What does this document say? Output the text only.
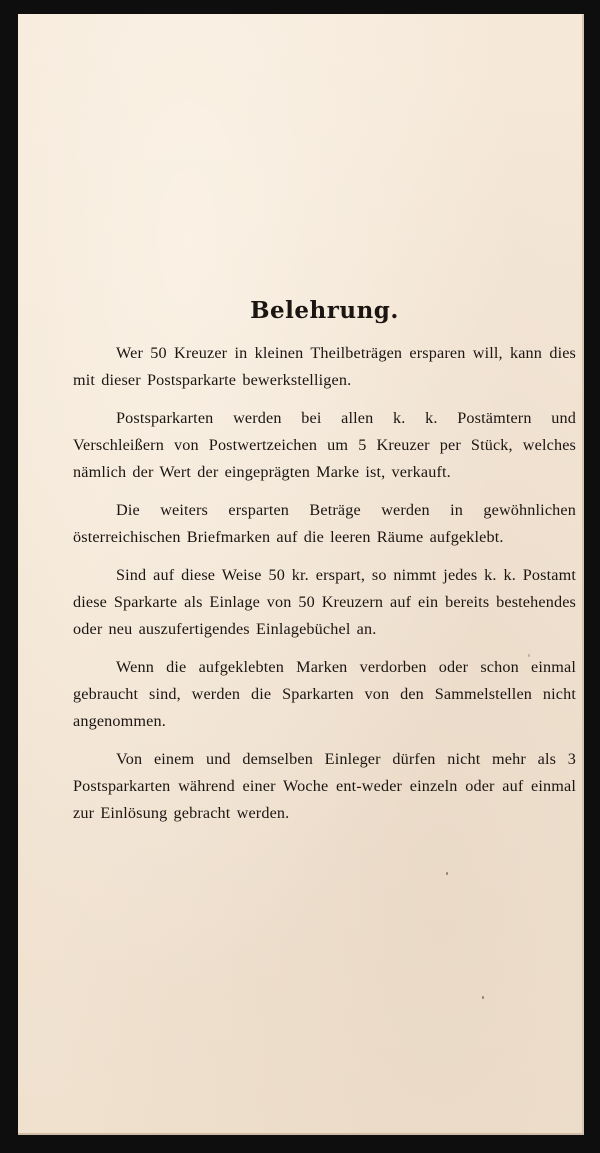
Belehrung.

Wer 50 Kreuzer in kleinen Theilbeträgen ersparen will, kann dies mit dieser Postsparkarte bewerkstelligen.

Postsparkarten werden bei allen k. k. Postämtern und Verschleißern von Postwertzeichen um 5 Kreuzer per Stück, welches nämlich der Wert der eingeprägten Marke ist, verkauft.

Die weiters ersparten Beträge werden in gewöhnlichen österreichischen Briefmarken auf die leeren Räume aufgeklebt.

Sind auf diese Weise 50 kr. erspart, so nimmt jedes k. k. Postamt diese Sparkarte als Einlage von 50 Kreuzern auf ein bereits bestehendes oder neu auszufertigendes Einlagebüchel an.

Wenn die aufgeklebten Marken verdorben oder schon einmal gebraucht sind, werden die Sparkarten von den Sammelstellen nicht angenommen.

Von einem und demselben Einleger dürfen nicht mehr als 3 Postsparkarten während einer Woche ent-weder einzeln oder auf einmal zur Einlösung gebracht werden.
